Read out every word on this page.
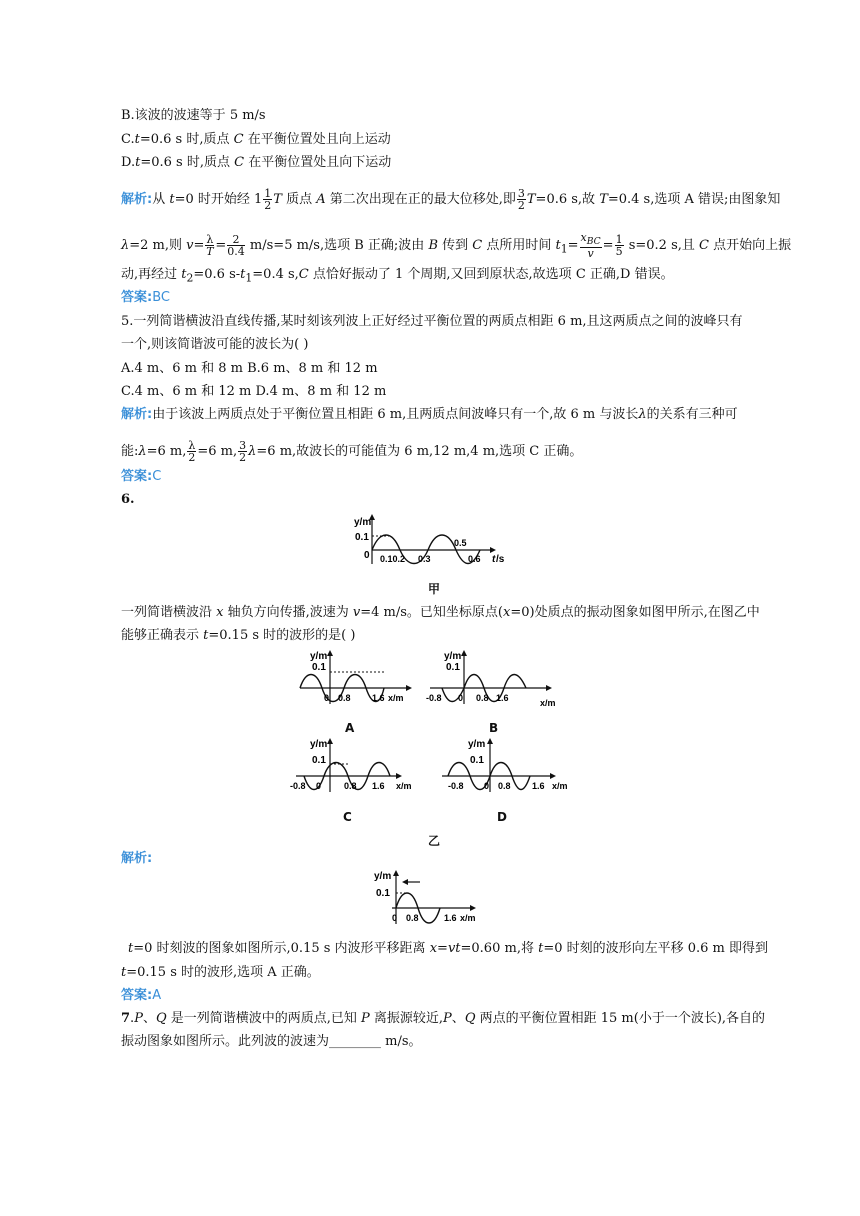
B.该波的波速等于 5 m/s
C.t=0.6 s 时,质点 C 在平衡位置处且向上运动
D.t=0.6 s 时,质点 C 在平衡位置处且向下运动
解析:从 t=0 时开始经 $1 \frac{1}{2}$ T 质点 A 第二次出现在正的最大位移处,即 $\frac{3}{2} T=0.6$ s,故 T=0.4 s,选项 A 错误;由图象知
λ=2 m,则 $v= \frac{\lambda}{T} = \frac{2}{0.4} m/s=5$ m/s,选项 B 正确;波由 B 传到 C 点所用时间 $t_1= \frac{x_{BC}}{v} = \frac{1}{5} s=0.2$ s,且 C 点开始向上振
动,再经过 $t_2=0.6$ $s-t_1=0.4$ s,C 点恰好振动了 1 个周期,又回到原状态,故选项 C 正确,D 错误。
答案:BC
5.一列简谐横波沿直线传播,某时刻该列波上正好经过平衡位置的两质点相距 6 m,且这两质点之间的波峰只有
一个,则该简谐波可能的波长为( )
A.4 m、6 m 和 8 m B.6 m、8 m 和 12 m
C.4 m、6 m 和 12 m D.4 m、8 m 和 12 m
解析:由于该波上两质点处于平衡位置且相距 6 m,且两质点间波峰只有一个,故 6 m 与波长λ的关系有三种可
能:λ=6 m, $\frac{\lambda}{2} =6$ m, $\frac{3}{2} \lambda=6$ m,故波长的可能值为 6 m,12 m,4 m,选项 C 正确。
答案:C
6.
y/m
0.1
0 0.10.2 0.3
0.5
0.6 t /s
甲
一列简谐横波沿 x 轴负方向传播,波速为 v=4 m/s。已知坐标原点(x=0)处质点的振动图象如图甲所示,在图乙中
能够正确表示 t=0.15 s 时的波形的是( )
y/m
0.1
0 0.8 1.6 x/m
A
y/m
0.1
-0.8 0 0.8 1.6	x/m
B
y/m
0.1
-0.8 0	0.8 1.6 x/m
C
y/m
0.1
-0.8 0 0.8 1.6 x/m
D
乙
解析:
y/m
0.1
0 0.8	1.6 x/m
t=0 时刻波的图象如图所示,0.15 s 内波形平移距离 x=vt=0.60 m,将 t=0 时刻的波形向左平移 0.6 m 即得到
t=0.15 s 时的波形,选项 A 正确。
答案:A
7.P、Q 是一列简谐横波中的两质点,已知 P 离振源较近,P、Q 两点的平衡位置相距 15 m(小于一个波长),各自的
振动图象如图所示。此列波的波速为________ m/s。
